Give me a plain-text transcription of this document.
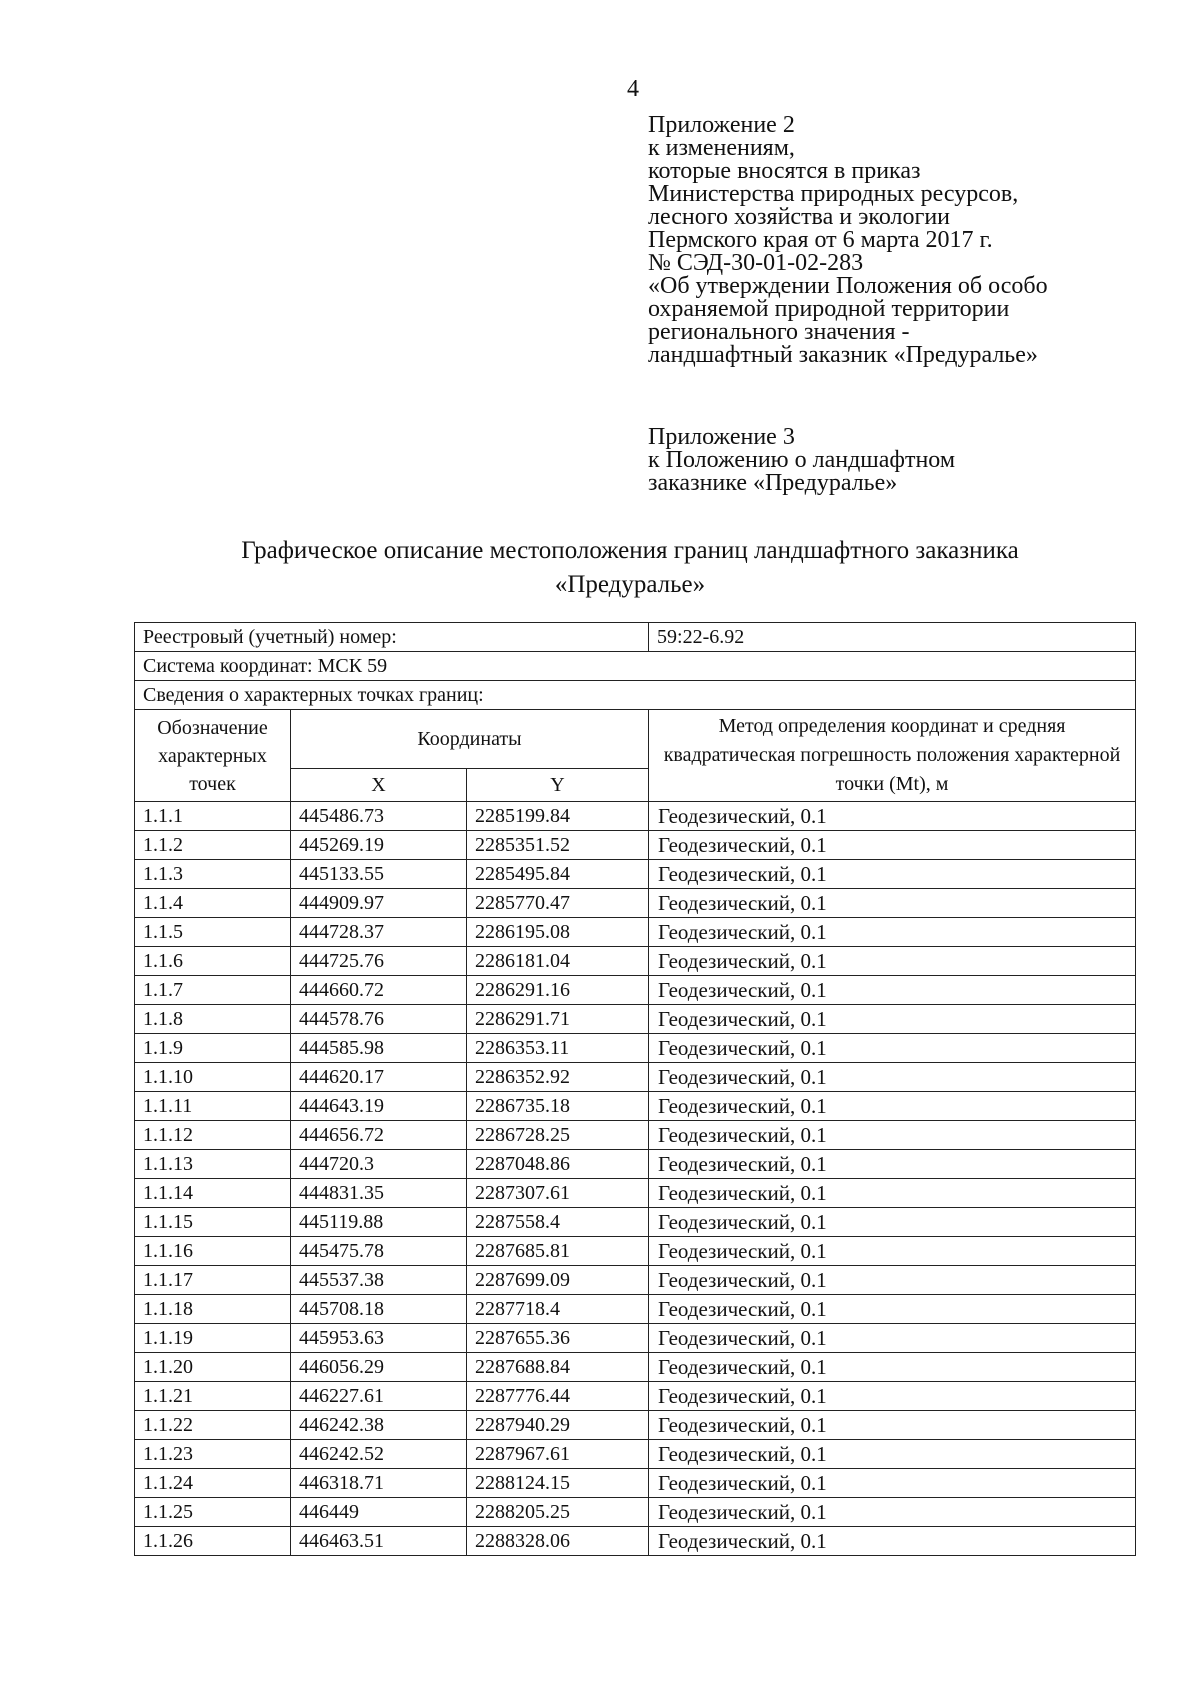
4
Приложение 2
к изменениям,
которые вносятся в приказ
Министерства природных ресурсов,
лесного хозяйства и экологии
Пермского края от 6 марта 2017 г.
№ СЭД-30-01-02-283
«Об утверждении Положения об особо
охраняемой природной территории
регионального значения -
ландшафтный заказник «Предуралье»
Приложение 3
к Положению о ландшафтном
заказнике «Предуралье»
Графическое описание местоположения границ ландшафтного заказника
«Предуралье»
Реестровый (учетный) номер:			59:22-6.92
Система координат: МСК 59			
Сведения о характерных точках границ:			
Обозначение характерных точек	Координаты		Метод определения координат и средняя квадратическая погрешность положения характерной точки (Mt), м
	X	Y	
1.1.1	445486.73	2285199.84	Геодезический, 0.1
1.1.2	445269.19	2285351.52	Геодезический, 0.1
1.1.3	445133.55	2285495.84	Геодезический, 0.1
1.1.4	444909.97	2285770.47	Геодезический, 0.1
1.1.5	444728.37	2286195.08	Геодезический, 0.1
1.1.6	444725.76	2286181.04	Геодезический, 0.1
1.1.7	444660.72	2286291.16	Геодезический, 0.1
1.1.8	444578.76	2286291.71	Геодезический, 0.1
1.1.9	444585.98	2286353.11	Геодезический, 0.1
1.1.10	444620.17	2286352.92	Геодезический, 0.1
1.1.11	444643.19	2286735.18	Геодезический, 0.1
1.1.12	444656.72	2286728.25	Геодезический, 0.1
1.1.13	444720.3	2287048.86	Геодезический, 0.1
1.1.14	444831.35	2287307.61	Геодезический, 0.1
1.1.15	445119.88	2287558.4	Геодезический, 0.1
1.1.16	445475.78	2287685.81	Геодезический, 0.1
1.1.17	445537.38	2287699.09	Геодезический, 0.1
1.1.18	445708.18	2287718.4	Геодезический, 0.1
1.1.19	445953.63	2287655.36	Геодезический, 0.1
1.1.20	446056.29	2287688.84	Геодезический, 0.1
1.1.21	446227.61	2287776.44	Геодезический, 0.1
1.1.22	446242.38	2287940.29	Геодезический, 0.1
1.1.23	446242.52	2287967.61	Геодезический, 0.1
1.1.24	446318.71	2288124.15	Геодезический, 0.1
1.1.25	446449	2288205.25	Геодезический, 0.1
1.1.26	446463.51	2288328.06	Геодезический, 0.1
